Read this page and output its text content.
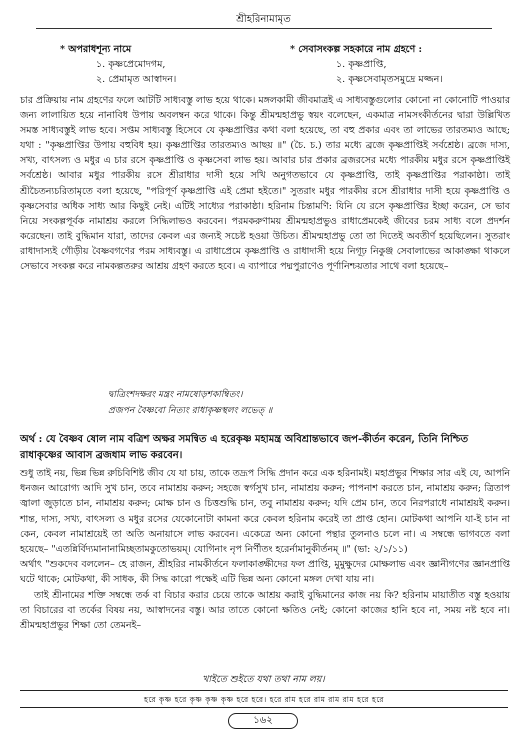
শ্রীহরিনামামৃত
* অপরাধশূন্য নামে
১. কৃষ্ণপ্রেমোদগম,
২. প্রেমামৃত আস্বাদন।
* সেবাসংকল্প সহকারে নাম গ্রহণে :
১. কৃষ্ণপ্রাপ্তি,
২. কৃষ্ণসেবামৃতসমুদ্রে মজ্জন।

চার প্রক্রিয়ায় নাম গ্রহণের ফলে আটটি সাধ্যবস্তু লাভ হয়ে থাকে। মঙ্গলকামী জীবমাত্রই এ সাধ্যবস্তুগুলোর কোনো না কোনোটি পাওয়ার জন্য লালায়িত হয়ে নানাবিধ উপায় অবলম্বন করে থাকে। কিন্তু শ্রীমন্মহাপ্রভু স্বয়ং বলেছেন, একমাত্র নামসংকীর্তনের দ্বারা উল্লিখিত সমস্ত সাধ্যবস্তুই লাভ হবে। সপ্তম সাধ্যবস্তু হিসেবে যে কৃষ্ণপ্রাপ্তির কথা বলা হয়েছে, তা বহু প্রকার এবং তা লাভের তারতম্যও আছে; যথা : "কৃষ্ণপ্রাপ্তির উপায় বহুবিধ হয়। কৃষ্ণপ্রাপ্তির তারতম্যও আছয় ॥" (চৈ. চ.) তার মধ্যে ব্রজে কৃষ্ণপ্রাপ্তিই সর্বশ্রেষ্ঠ। ব্রজে দাস্য, সখ্য, বাৎসল্য ও মধুর এ চার রসে কৃষ্ণপ্রাপ্তি ও কৃষ্ণসেবা লাভ হয়। আবার চার প্রকার ব্রজরসের মধ্যে পারকীয় মধুর রসে কৃষ্ণপ্রাপ্তিই সর্বশ্রেষ্ঠ। আবার মধুর পারকীয় রসে শ্রীরাধার দাসী হয়ে সখি অনুগতভাবে যে কৃষ্ণপ্রাপ্তি, তাই কৃষ্ণপ্রাপ্তির পরাকাষ্ঠা। তাই শ্রীচৈতন্যচরিতামৃতে বলা হয়েছে, "পরিপূর্ণ কৃষ্ণপ্রাপ্তি এই প্রেমা হইতে।" সুতরাং মধুর পারকীয় রসে শ্রীরাধার দাসী হয়ে কৃষ্ণপ্রাপ্তি ও কৃষ্ণসেবার অধিক সাধ্য আর কিছুই নেই। এটিই সাধ্যের পরাকাষ্ঠা। হরিনাম চিন্তামণি: যিনি যে রসে কৃষ্ণপ্রাপ্তির ইচ্ছা করেন, সে ভাব নিয়ে সংকল্পপূর্বক নামাশ্রয় করলে সিদ্ধিলাভও করবেন। পরমকরুণাময় শ্রীমন্মহাপ্রভুও রাধাপ্রেমকেই জীবের চরম সাধ্য বলে প্রদর্শন করেছেন। তাই বুদ্ধিমান যারা, তাদের কেবল এর জন্যই সচেষ্ট হওয়া উচিত। শ্রীমন্মহাপ্রভু তো তা দিতেই অবতীর্ণ হয়েছিলেন। সুতরাং রাধাদাস্যই গৌড়ীয় বৈষ্ণবগণের পরম সাধ্যবস্তু। এ রাধাপ্রেমে কৃষ্ণপ্রাপ্তি ও রাধাদাসী হয়ে নিগূঢ় নিকুঞ্জ সেবালাভের আকাঙ্ক্ষা থাকলে সেভাবে সংকল্প করে নামকল্পতরুর আশ্রয় গ্রহণ করতে হবে। এ ব্যাপারে পদ্মপুরাণেও পূর্ণানিশ্চয়তার সাথে বলা হয়েছে–

দ্বাত্রিংশদক্ষরং মন্ত্রং নামষোড়শকাম্বিতং।
প্রজপন বৈষ্ণবো নিত্যং রাধাকৃষ্ণস্থলং লভেত্ ॥
অর্থ : যে বৈষ্ণব ষোল নাম বত্রিশ অক্ষর সমন্বিত এ হরেকৃষ্ণ মহামন্ত্র অবিশ্রান্তভাবে জপ-কীর্তন করেন, তিনি নিশ্চিত রাধাকৃষ্ণের আবাস ব্রজধাম লাভ করবেন।

শুধু তাই নয়, ভিন্ন ভিন্ন রুচিবিশিষ্ট জীব যে যা চায়, তাকে তদ্রূপ সিদ্ধি প্রদান করে এক হরিনামই। মহাপ্রভুর শিক্ষার সার এই যে, আপনি ধনজন আরোগ্য আদি সুখ চান, তবে নামাশ্রয় করুন; সহজে স্বর্গসুখ চান, নামাশ্রয় করুন; পাপনাশ করতে চান, নামাশ্রয় করুন; ত্রিতাপ জ্বালা জুড়াতে চান, নামাশ্রয় করুন; মোক্ষ চান ও চিত্তশুদ্ধি চান, তবু নামাশ্রয় করুন; যদি প্রেম চান, তবে নিরপরাধে নামাশ্রয়ই করুন। শান্ত, দাস্য, সখ্য, বাৎসল্য ও মধুর রসের যেকোনোটা কামনা করে কেবল হরিনাম করেই তা প্রাপ্ত হোন। মোটকথা আপনি যা-ই চান না কেন, কেবল নামাশ্রয়েই তা অতি অনায়াসে লাভ করবেন। একেত্রে অন্য কোনো পন্থার তুলনাও চলে না। এ সম্বন্ধে ভাগবতে বলা হয়েছে– "এতন্নির্বিদ্যমানানামিচ্ছতামকুতোভয়ম্। যোগিনাং নৃপ নির্ণীতং হরের্নামানুকীর্তনম্ ॥" (ভা: ২/১/১১)

অর্থাৎ "শুকদেব বললেন– হে রাজন, শ্রীহরির নামকীর্তনে ফলাকাঙ্ক্ষীদের ফল প্রাপ্তি, মুমুক্ষুদের মোক্ষলাভ এবং জ্ঞানীগণের জ্ঞানপ্রাপ্তি ঘটে থাকে; মোটকথা, কী সাধক, কী সিদ্ধ কারো পক্ষেই এটি ভিন্ন অন্য কোনো মঙ্গল দেখা যায় না।

তাই শ্রীনামের শক্তি সম্বন্ধে তর্ক বা বিচার করার চেয়ে তাকে আশ্রয় করাই বুদ্ধিমানের কাজ নয় কি? হরিনাম মায়াতীত বস্তু হওয়ায় তা বিচারের বা তর্কের বিষয় নয়, আস্বাদনের বস্তু। আর তাতে কোনো ক্ষতিও নেই; কোনো কাজের হানি হবে না, সময় নষ্ট হবে না। শ্রীমন্মহাপ্রভুর শিক্ষা তো তেমনই–

খাইতে শুইতে যথা তথা নাম লয়।
হরে কৃষ্ণ হরে কৃষ্ণ কৃষ্ণ কৃষ্ণ হরে হরে। হরে রাম হরে রাম রাম রাম হরে হরে
১৬২
